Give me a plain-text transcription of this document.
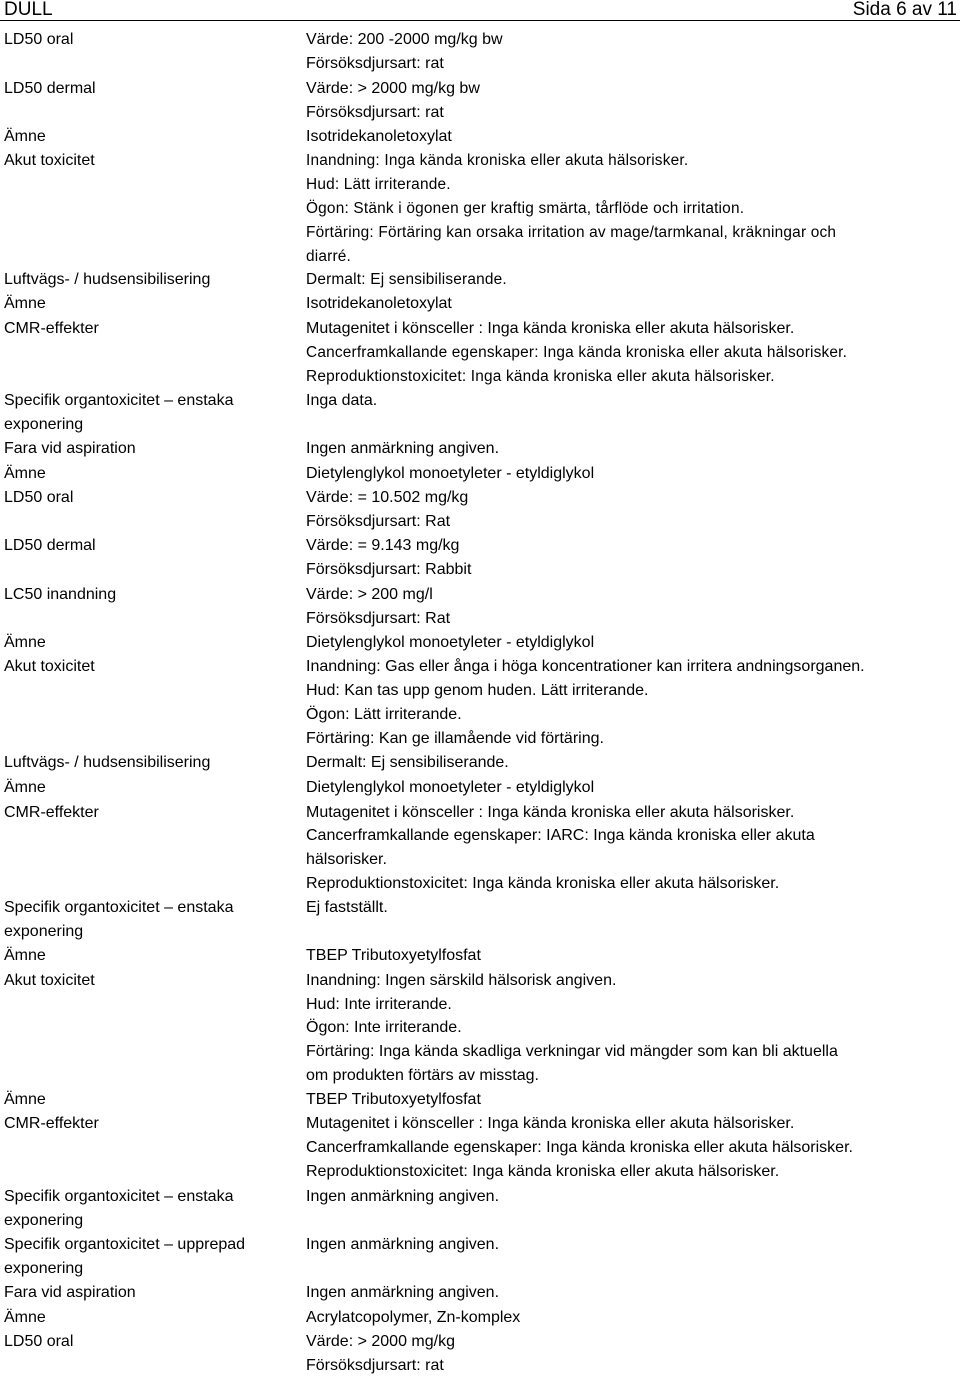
DULL	Sida 6 av 11
LD50 oral	Värde: 200 -2000 mg/kg bw
Försöksdjursart: rat
LD50 dermal	Värde: > 2000 mg/kg bw
Försöksdjursart: rat
Ämne	Isotridekanoletoxylat
Akut toxicitet	Inandning: Inga kända kroniska eller akuta hälsorisker.
Hud: Lätt irriterande.
Ögon: Stänk i ögonen ger kraftig smärta, tårflöde och irritation.
Förtäring: Förtäring kan orsaka irritation av mage/tarmkanal, kräkningar och
diarré.
Luftvägs- / hudsensibilisering	Dermalt: Ej sensibiliserande.
Ämne	Isotridekanoletoxylat
CMR-effekter	Mutagenitet i könsceller : Inga kända kroniska eller akuta hälsorisker.
Cancerframkallande egenskaper: Inga kända kroniska eller akuta hälsorisker.
Reproduktionstoxicitet: Inga kända kroniska eller akuta hälsorisker.
Specifik organtoxicitet – enstaka	Inga data.
exponering
Fara vid aspiration	Ingen anmärkning angiven.
Ämne	Dietylenglykol monoetyleter - etyldiglykol
LD50 oral	Värde: = 10.502 mg/kg
Försöksdjursart: Rat
LD50 dermal	Värde: = 9.143 mg/kg
Försöksdjursart: Rabbit
LC50 inandning	Värde: > 200 mg/l
Försöksdjursart: Rat
Ämne	Dietylenglykol monoetyleter - etyldiglykol
Akut toxicitet	Inandning: Gas eller ånga i höga koncentrationer kan irritera andningsorganen.
Hud: Kan tas upp genom huden. Lätt irriterande.
Ögon: Lätt irriterande.
Förtäring: Kan ge illamående vid förtäring.
Luftvägs- / hudsensibilisering	Dermalt: Ej sensibiliserande.
Ämne	Dietylenglykol monoetyleter - etyldiglykol
CMR-effekter	Mutagenitet i könsceller : Inga kända kroniska eller akuta hälsorisker.
Cancerframkallande egenskaper: IARC: Inga kända kroniska eller akuta
hälsorisker.
Reproduktionstoxicitet: Inga kända kroniska eller akuta hälsorisker.
Specifik organtoxicitet – enstaka	Ej fastställt.
exponering
Ämne	TBEP Tributoxyetylfosfat
Akut toxicitet	Inandning: Ingen särskild hälsorisk angiven.
Hud: Inte irriterande.
Ögon: Inte irriterande.
Förtäring: Inga kända skadliga verkningar vid mängder som kan bli aktuella
om produkten förtärs av misstag.
Ämne	TBEP Tributoxyetylfosfat
CMR-effekter	Mutagenitet i könsceller : Inga kända kroniska eller akuta hälsorisker.
Cancerframkallande egenskaper: Inga kända kroniska eller akuta hälsorisker.
Reproduktionstoxicitet: Inga kända kroniska eller akuta hälsorisker.
Specifik organtoxicitet – enstaka	Ingen anmärkning angiven.
exponering
Specifik organtoxicitet – upprepad	Ingen anmärkning angiven.
exponering
Fara vid aspiration	Ingen anmärkning angiven.
Ämne	Acrylatcopolymer, Zn-komplex
LD50 oral	Värde: > 2000 mg/kg
Försöksdjursart: rat
